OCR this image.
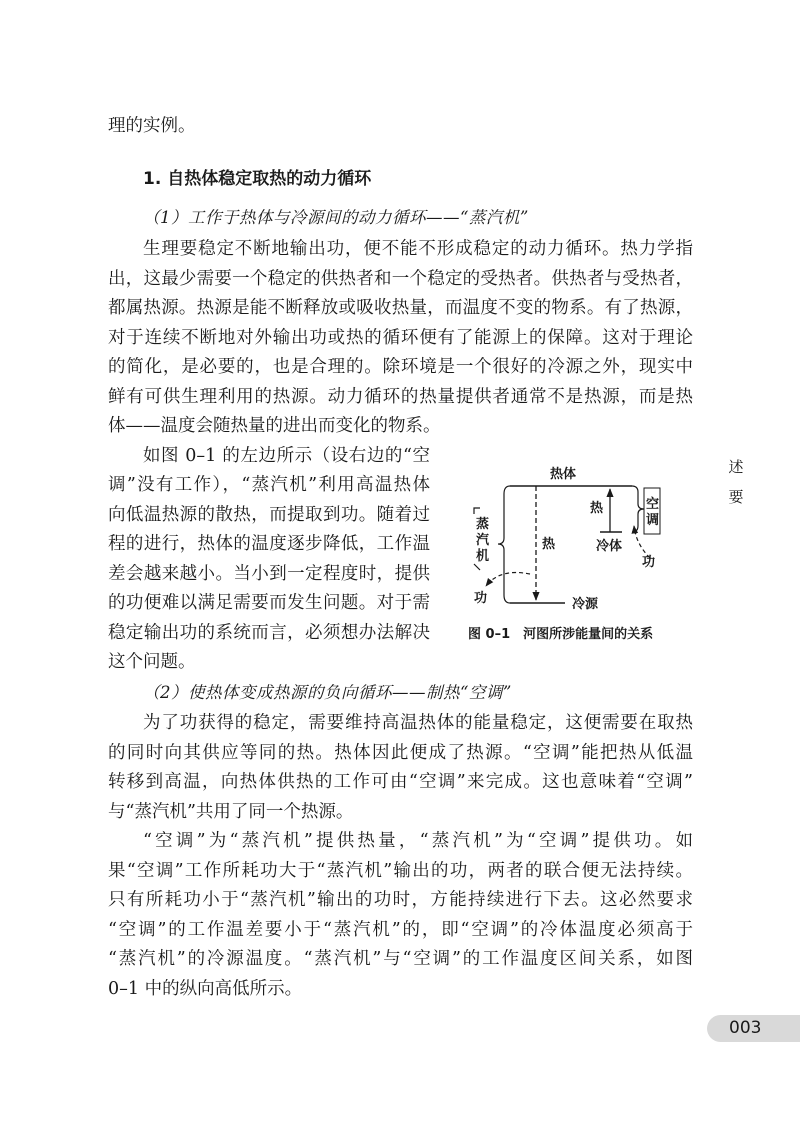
理的实例。
1. 自热体稳定取热的动力循环
（1）工作于热体与冷源间的动力循环——“蒸汽机”
生理要稳定不断地输出功，便不能不形成稳定的动力循环。热力学指
出，这最少需要一个稳定的供热者和一个稳定的受热者。供热者与受热者，
都属热源。热源是能不断释放或吸收热量，而温度不变的物系。有了热源，
对于连续不断地对外输出功或热的循环便有了能源上的保障。这对于理论
的简化，是必要的，也是合理的。除环境是一个很好的冷源之外，现实中
鲜有可供生理利用的热源。动力循环的热量提供者通常不是热源，而是热
体——温度会随热量的进出而变化的物系。
如图 0–1 的左边所示（设右边的“空
调”没有工作），“蒸汽机”利用高温热体
向低温热源的散热，而提取到功。随着过
程的进行，热体的温度逐步降低，工作温
差会越来越小。当小到一定程度时，提供
的功便难以满足需要而发生问题。对于需
稳定输出功的系统而言，必须想办法解决
这个问题。
热体
热
功	冷源
蒸
汽
机
热
冷体
空
调
功
图 0–1　河图所涉能量间的关系
（2）使热体变成热源的负向循环——制热“空调”
为了功获得的稳定，需要维持高温热体的能量稳定，这便需要在取热
的同时向其供应等同的热。热体因此便成了热源。“空调”能把热从低温
转移到高温，向热体供热的工作可由“空调”来完成。这也意味着“空调”
与“蒸汽机”共用了同一个热源。
“空调”为“蒸汽机”提供热量，“蒸汽机”为“空调”提供功。如
果“空调”工作所耗功大于“蒸汽机”输出的功，两者的联合便无法持续。
只有所耗功小于“蒸汽机”输出的功时，方能持续进行下去。这必然要求
“空调”的工作温差要小于“蒸汽机”的，即“空调”的冷体温度必须高于
“蒸汽机”的冷源温度。“蒸汽机”与“空调”的工作温度区间关系，如图
0–1 中的纵向高低所示。
述
要
003
